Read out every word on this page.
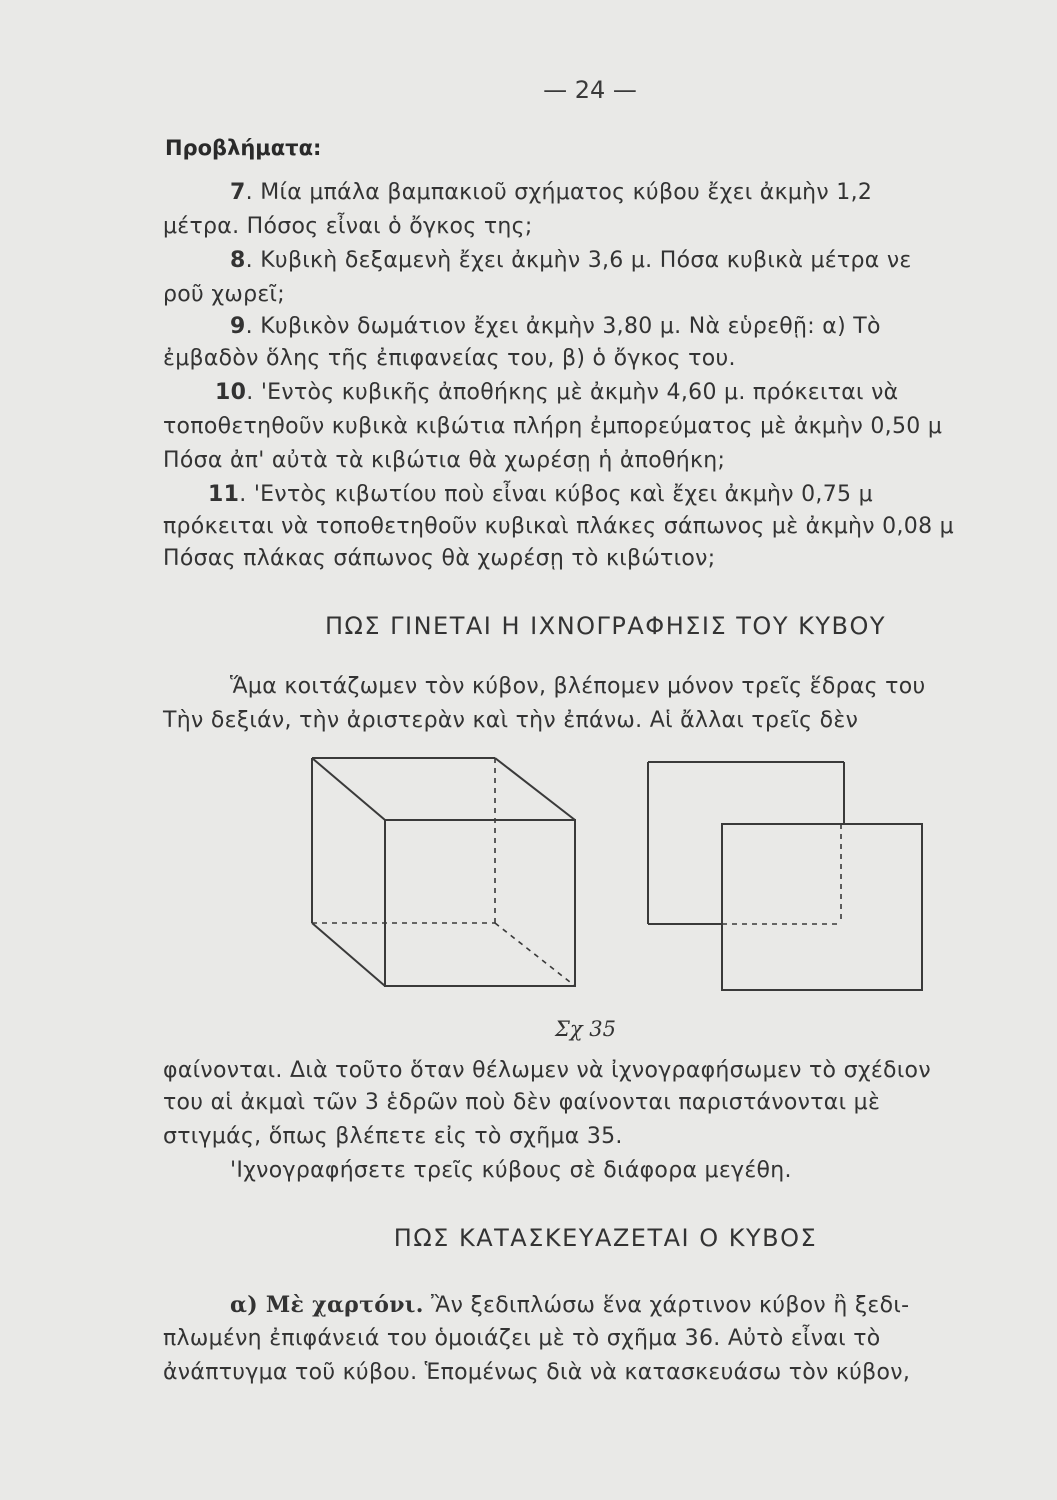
— 24 —
Προβλήματα:
7. Μία μπάλα βαμπακιοῦ σχήματος κύβου ἔχει ἀκμὴν 1,2
μέτρα. Πόσος εἶναι ὁ ὄγκος της;
8. Κυβικὴ δεξαμενὴ ἔχει ἀκμὴν 3,6 μ. Πόσα κυβικὰ μέτρα νε
ροῦ χωρεῖ;
9. Κυβικὸν δωμάτιον ἔχει ἀκμὴν 3,80 μ. Νὰ εὑρεθῇ: α) Τὸ
ἐμβαδὸν ὅλης τῆς ἐπιφανείας του, β) ὁ ὄγκος του.
10. 'Εντὸς κυβικῆς ἀποθήκης μὲ ἀκμὴν 4,60 μ. πρόκειται νὰ
τοποθετηθοῦν κυβικὰ κιβώτια πλήρη ἐμπορεύματος μὲ ἀκμὴν 0,50 μ
Πόσα ἀπ' αὐτὰ τὰ κιβώτια θὰ χωρέσῃ ἡ ἀποθήκη;
11. 'Εντὸς κιβωτίου ποὺ εἶναι κύβος καὶ ἔχει ἀκμὴν 0,75 μ
πρόκειται νὰ τοποθετηθοῦν κυβικαὶ πλάκες σάπωνος μὲ ἀκμὴν 0,08 μ
Πόσας πλάκας σάπωνος θὰ χωρέσῃ τὸ κιβώτιον;
ΠΩΣ ΓΙΝΕΤΑΙ Η ΙΧΝΟΓΡΑΦΗΣΙΣ ΤΟΥ ΚΥΒΟΥ
Ἅμα κοιτάζωμεν τὸν κύβον, βλέπομεν μόνον τρεῖς ἕδρας του
Τὴν δεξιάν, τὴν ἀριστερὰν καὶ τὴν ἐπάνω. Αἱ ἄλλαι τρεῖς δὲν
Σχ 35
φαίνονται. Διὰ τοῦτο ὅταν θέλωμεν νὰ ἰχνογραφήσωμεν τὸ σχέδιον
του αἱ ἀκμαὶ τῶν 3 ἑδρῶν ποὺ δὲν φαίνονται παριστάνονται μὲ
στιγμάς, ὅπως βλέπετε εἰς τὸ σχῆμα 35.
'Ιχνογραφήσετε τρεῖς κύβους σὲ διάφορα μεγέθη.
ΠΩΣ ΚΑΤΑΣΚΕΥΑΖΕΤΑΙ Ο ΚΥΒΟΣ
α) Μὲ χαρτόνι. Ἂν ξεδιπλώσω ἕνα χάρτινον κύβον ἢ ξεδι-
πλωμένη ἐπιφάνειά του ὁμοιάζει μὲ τὸ σχῆμα 36. Αὐτὸ εἶναι τὸ
ἀνάπτυγμα τοῦ κύβου. Ἑπομένως διὰ νὰ κατασκευάσω τὸν κύβον,
